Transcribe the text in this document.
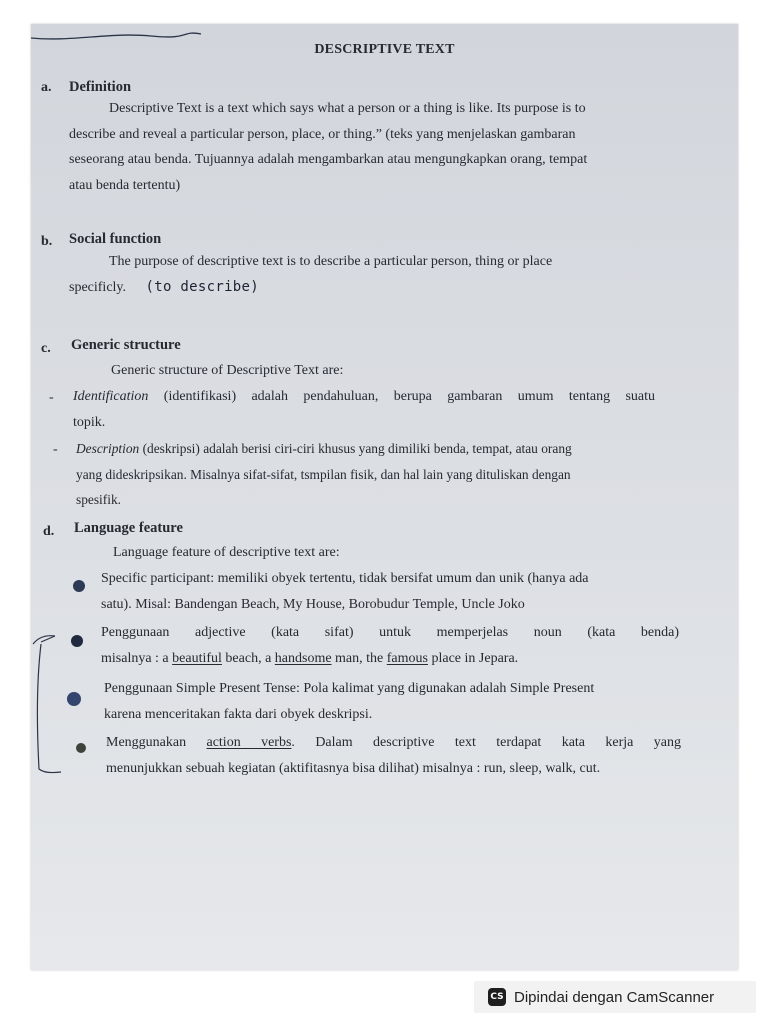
DESCRIPTIVE TEXT
a. Definition

Descriptive Text is a text which says what a person or a thing is like. Its purpose is to

describe and reveal a particular person, place, or thing.” (teks yang menjelaskan gambaran

seseorang atau benda. Tujuannya adalah mengambarkan atau mengungkapkan orang, tempat

atau benda tertentu)

b. Social function

The purpose of descriptive text is to describe a particular person, thing or place

specificly. (to describe)

c. Generic structure
Generic structure of Descriptive Text are:
- Identification (identifikasi) adalah pendahuluan, berupa gambaran umum tentang suatu

topik.

- Description (deskripsi) adalah berisi ciri-ciri khusus yang dimiliki benda, tempat, atau orang

yang dideskripsikan. Misalnya sifat-sifat, tsmpilan fisik, dan hal lain yang dituliskan dengan

spesifik.

d. Language feature
Language feature of descriptive text are:

Specific participant: memiliki obyek tertentu, tidak bersifat umum dan unik (hanya ada

satu). Misal: Bandengan Beach, My House, Borobudur Temple, Uncle Joko

Penggunaan adjective (kata sifat) untuk memperjelas noun (kata benda)

misalnya : a beautiful beach, a handsome man, the famous place in Jepara.

Penggunaan Simple Present Tense: Pola kalimat yang digunakan adalah Simple Present

karena menceritakan fakta dari obyek deskripsi.

Menggunakan action verbs. Dalam descriptive text terdapat kata kerja yang

menunjukkan sebuah kegiatan (aktifitasnya bisa dilihat) misalnya : run, sleep, walk, cut.

CS Dipindai dengan CamScanner
